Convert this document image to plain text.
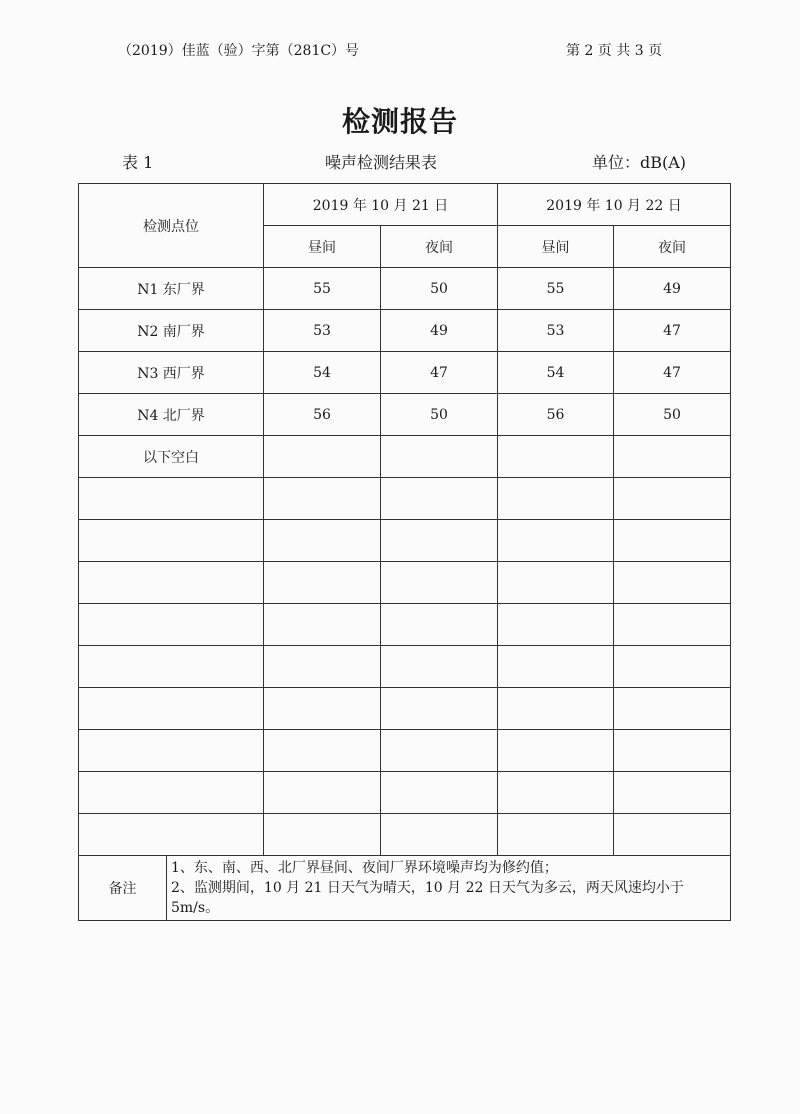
（2019）佳蓝（验）字第（281C）号	第 2 页 共 3 页
检测报告
表 1	噪声检测结果表	单位：dB(A)
检测点位		2019 年 10 月 21 日		2019 年 10 月 22 日	
		昼间	夜间	昼间	夜间
N1 东厂界		55	50	55	49
N2 南厂界		53	49	53	47
N3 西厂界		54	47	54	47
N4 北厂界		56	50	56	50
以下空白					

备注	1、东、南、西、北厂界昼间、夜间厂界环境噪声均为修约值；
2、监测期间，10 月 21 日天气为晴天，10 月 22 日天气为多云，两天风速均小于 5m/s。				
